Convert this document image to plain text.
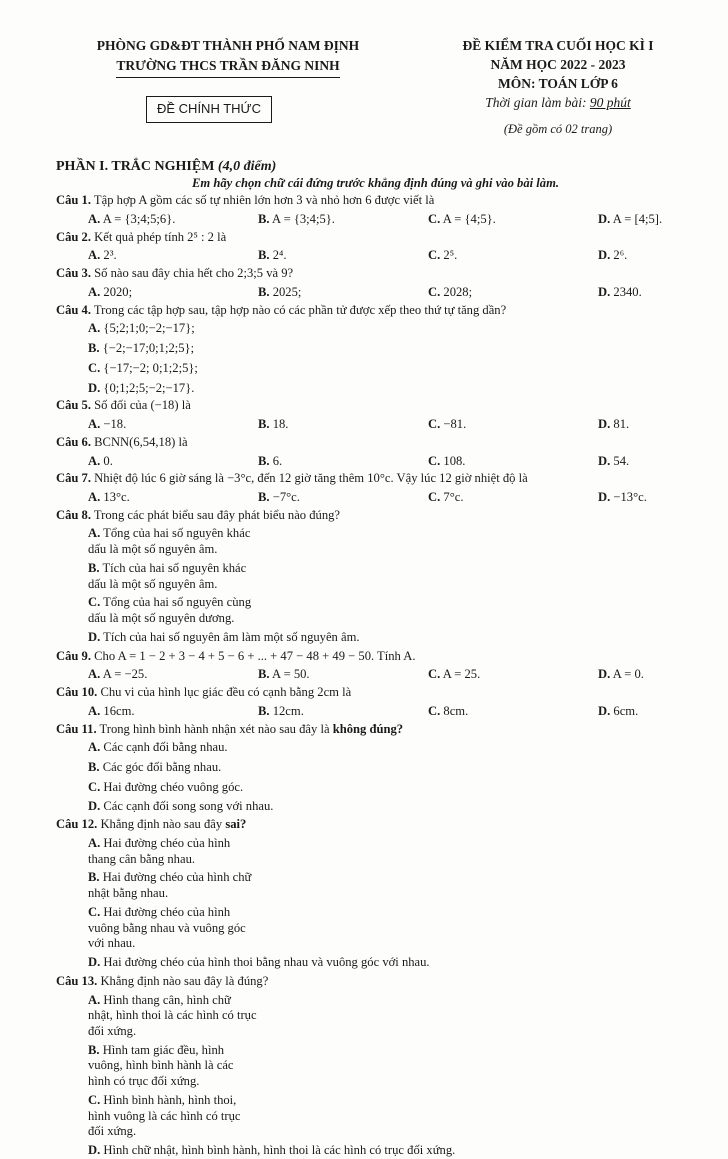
PHÒNG GD&ĐT THÀNH PHỐ NAM ĐỊNH
TRƯỜNG THCS TRẦN ĐĂNG NINH
ĐỀ CHÍNH THỨC
ĐỀ KIỂM TRA CUỐI HỌC KÌ I
NĂM HỌC 2022 - 2023
MÔN: TOÁN LỚP 6
Thời gian làm bài: 90 phút
(Đề gồm có 02 trang)
PHẦN I. TRẮC NGHIỆM (4,0 điểm)
Em hãy chọn chữ cái đứng trước khẳng định đúng và ghi vào bài làm.
Câu 1. Tập hợp A gồm các số tự nhiên lớn hơn 3 và nhỏ hơn 6 được viết là
A. A = {3;4;5;6}.	B. A = {3;4;5}.	C. A = {4;5}.	D. A = [4;5].
Câu 2. Kết quả phép tính 2⁵ : 2 là
A. 2³.	B. 2⁴.	C. 2⁵.	D. 2⁶.
Câu 3. Số nào sau đây chia hết cho 2;3;5 và 9?
A. 2020;	B. 2025;	C. 2028;	D. 2340.
Câu 4. Trong các tập hợp sau, tập hợp nào có các phần tử được xếp theo thứ tự tăng dần?
A. {5;2;1;0;−2;−17};
B. {−2;−17;0;1;2;5};
C. {−17;−2; 0;1;2;5};
D. {0;1;2;5;−2;−17}.
Câu 5. Số đối của (−18) là
A. −18.	B. 18.	C. −81.	D. 81.
Câu 6. BCNN(6,54,18) là
A. 0.	B. 6.	C. 108.	D. 54.
Câu 7. Nhiệt độ lúc 6 giờ sáng là −3°c, đến 12 giờ tăng thêm 10°c. Vậy lúc 12 giờ nhiệt độ là
A. 13°c.	B. −7°c.	C. 7°c.	D. −13°c.
Câu 8. Trong các phát biểu sau đây phát biểu nào đúng?
A. Tổng của hai số nguyên khác dấu là một số nguyên âm.
B. Tích của hai số nguyên khác dấu là một số nguyên âm.
C. Tổng của hai số nguyên cùng dấu là một số nguyên dương.
D. Tích của hai số nguyên âm làm một số nguyên âm.
Câu 9. Cho A = 1 − 2 + 3 − 4 + 5 − 6 + ... + 47 − 48 + 49 − 50. Tính A.
A. A = −25.	B. A = 50.	C. A = 25.	D. A = 0.
Câu 10. Chu vi của hình lục giác đều có cạnh bằng 2cm là
A. 16cm.	B. 12cm.	C. 8cm.	D. 6cm.
Câu 11. Trong hình bình hành nhận xét nào sau đây là không đúng?
A. Các cạnh đối bằng nhau.
B. Các góc đối bằng nhau.
C. Hai đường chéo vuông góc.
D. Các cạnh đối song song với nhau.
Câu 12. Khẳng định nào sau đây sai?
A. Hai đường chéo của hình thang cân bằng nhau.
B. Hai đường chéo của hình chữ nhật bằng nhau.
C. Hai đường chéo của hình vuông bằng nhau và vuông góc với nhau.
D. Hai đường chéo của hình thoi bằng nhau và vuông góc với nhau.
Câu 13. Khẳng định nào sau đây là đúng?
A. Hình thang cân, hình chữ nhật, hình thoi là các hình có trục đối xứng.
B. Hình tam giác đều, hình vuông, hình bình hành là các hình có trục đối xứng.
C. Hình bình hành, hình thoi, hình vuông là các hình có trục đối xứng.
D. Hình chữ nhật, hình bình hành, hình thoi là các hình có trục đối xứng.
